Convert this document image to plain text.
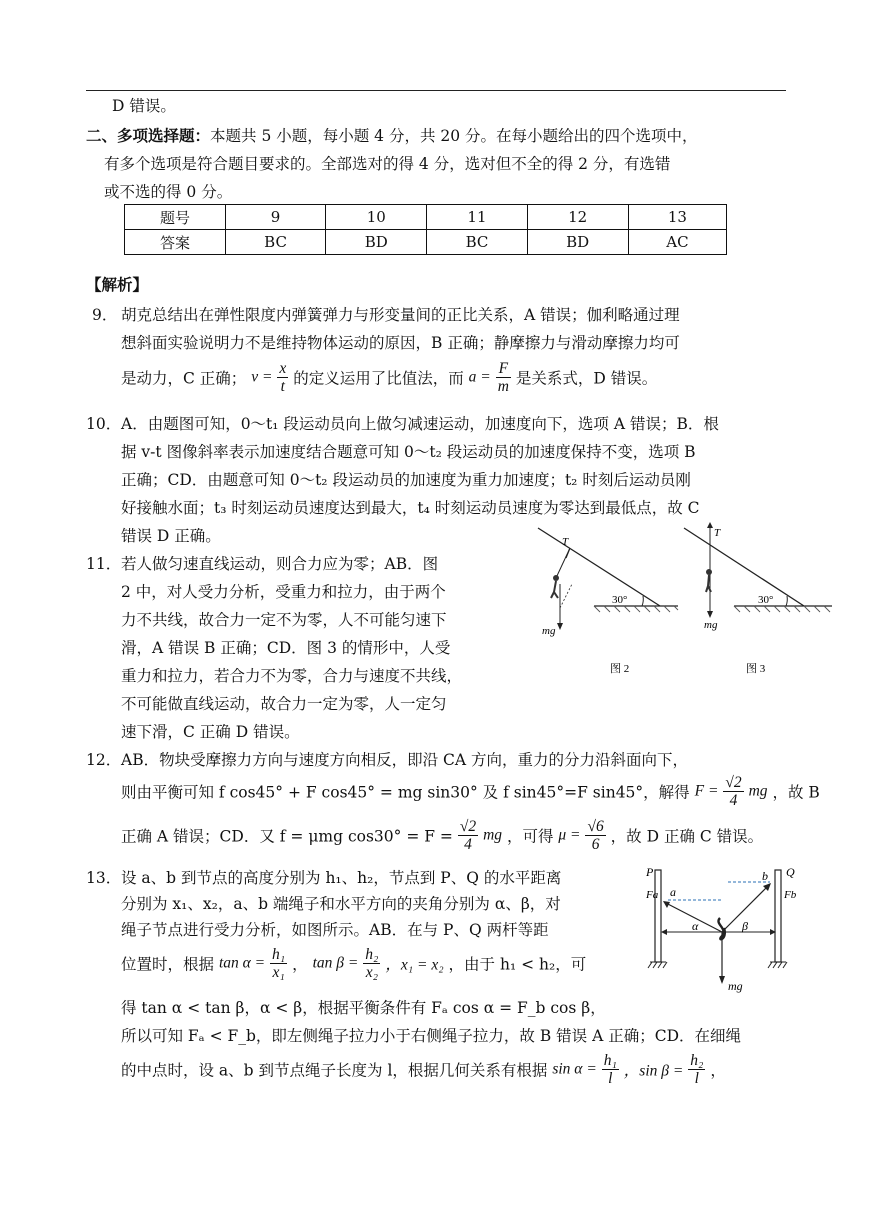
D 错误。
二、多项选择题：本题共 5 小题，每小题 4 分，共 20 分。在每小题给出的四个选项中，
有多个选项是符合题目要求的。全部选对的得 4 分，选对但不全的得 2 分，有选错
或不选的得 0 分。
题号	9	10	11	12	13
答案	BC	BD	BC	BD	AC
【解析】
9． 胡克总结出在弹性限度内弹簧弹力与形变量间的正比关系，A 错误；伽利略通过理
想斜面实验说明力不是维持物体运动的原因，B 正确；静摩擦力与滑动摩擦力均可
是动力，C 正确； $v = \frac{x}{t}$ 的定义运用了比值法，而 $a = \frac{F}{m}$ 是关系式，D 错误。
10． A．由题图可知，0～t₁ 段运动员向上做匀减速运动，加速度向下，选项 A 错误；B．根
据 v-t 图像斜率表示加速度结合题意可知 0～t₂ 段运动员的加速度保持不变，选项 B
正确；CD．由题意可知 0～t₂ 段运动员的加速度为重力加速度；t₂ 时刻后运动员刚
好接触水面；t₃ 时刻运动员速度达到最大，t₄ 时刻运动员速度为零达到最低点，故 C
错误 D 正确。
11． 若人做匀速直线运动，则合力应为零；AB．图
2 中，对人受力分析，受重力和拉力，由于两个
力不共线，故合力一定不为零，人不可能匀速下
滑，A 错误 B 正确；CD．图 3 的情形中，人受
重力和拉力，若合力不为零，合力与速度不共线，
不可能做直线运动，故合力一定为零，人一定匀
速下滑，C 正确 D 错误。
30°
T
mg
图 2
30°
T
mg
图 3
12． AB．物块受摩擦力方向与速度方向相反，即沿 CA 方向，重力的分力沿斜面向下，
则由平衡可知 f cos45° + F cos45° = mg sin30° 及 f sin45°=F sin45°，解得 $F = \frac{√2}{4}$ mg ，故 B
正确 A 错误；CD．又 f = μmg $\cos 30^\circ = F = \frac{√2}{4}$ mg ，可得 $\mu = \frac{√6}{6}$ ，故 D 正确 C 错误。
13． 设 a、b 到节点的高度分别为 h₁、h₂，节点到 P、Q 的水平距离
分别为 x₁、x₂，a、b 端绳子和水平方向的夹角分别为 α、β，对
绳子节点进行受力分析，如图所示。AB．在与 P、Q 两杆等距
位置时，根据 $\tan \alpha = \frac{\text{h₁}}{\text{x₁}}$ ， $\tan \beta = \frac{\text{h₂}}{\text{x₂}}$ ，x₁ = x₂ ，由于 h₁ < h₂，可
得 tan α < tan β，α < β，根据平衡条件有 Fₐ cos α = F_b cos β，
所以可知 Fₐ < F_b，即左侧绳子拉力小于右侧绳子拉力，故 B 错误 A 正确；CD．在细绳
的中点时，设 a、b 到节点绳子长度为 l，根据几何关系有根据 $\sin \alpha = \frac{\text{h₁}}{l}$ ，$\sin \beta = \frac{\text{h₂}}{l}$ ，
P	Q
Fa	Fb
a
b
mg
α	β
